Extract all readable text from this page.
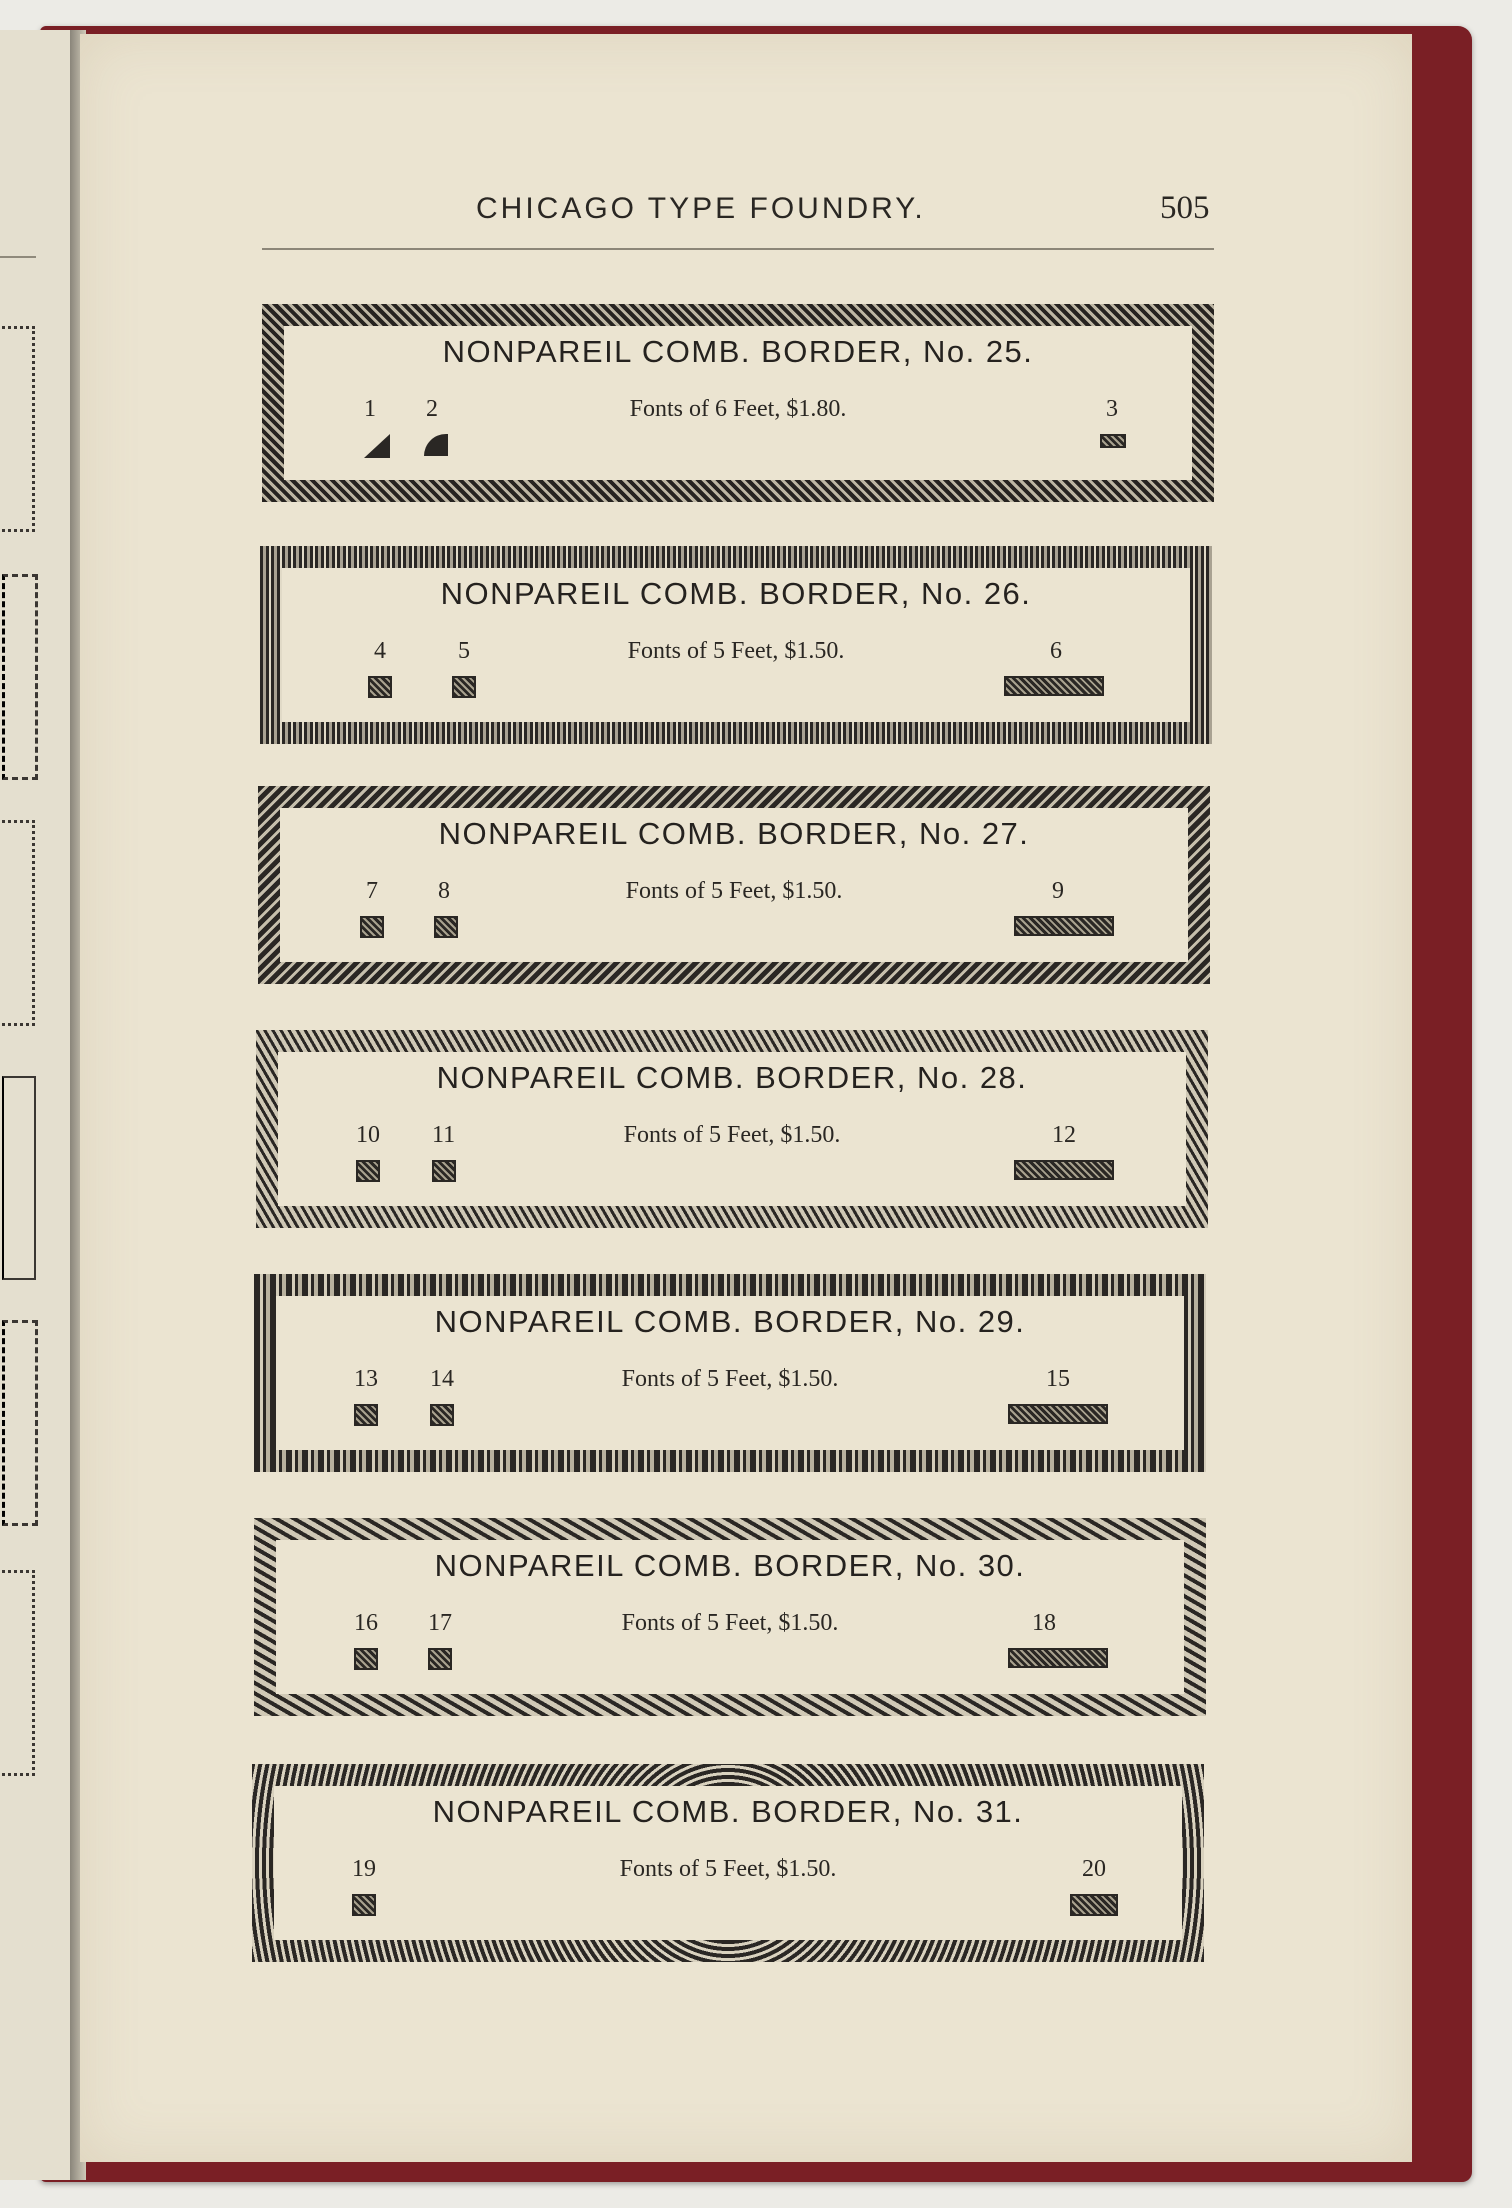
CHICAGO TYPE FOUNDRY.	505
NONPAREIL COMB. BORDER, No. 25.
1 2	Fonts of 6 Feet, $1.80.	3
NONPAREIL COMB. BORDER, No. 26.
4	5	Fonts of 5 Feet, $1.50.	6
NONPAREIL COMB. BORDER, No. 27.
7	8	Fonts of 5 Feet, $1.50.	9
NONPAREIL COMB. BORDER, No. 28.
10 11	Fonts of 5 Feet, $1.50.	12
NONPAREIL COMB. BORDER, No. 29.
13 14	Fonts of 5 Feet, $1.50.	15
NONPAREIL COMB. BORDER, No. 30.
16 17	Fonts of 5 Feet, $1.50.	18
NONPAREIL COMB. BORDER, No. 31.
19	Fonts of 5 Feet, $1.50.	20
